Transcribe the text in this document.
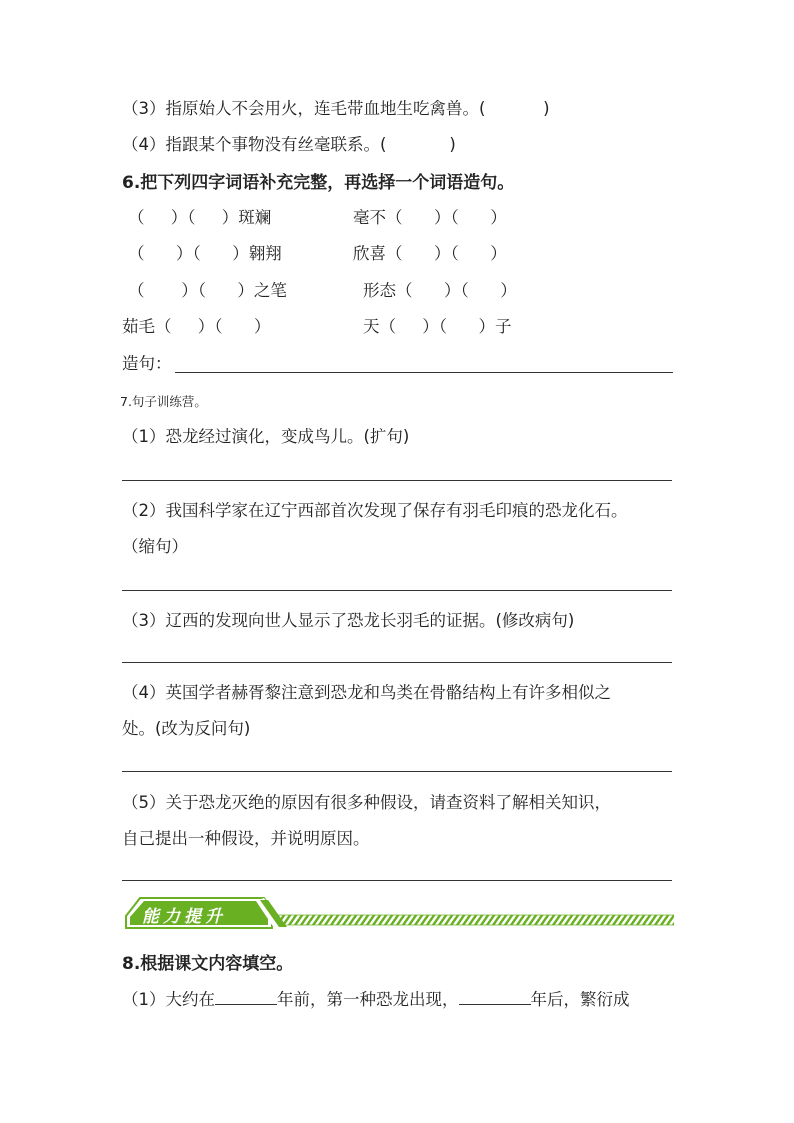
（3）指原始人不会用火，连毛带血地生吃禽兽。(           )
（4）指跟某个事物没有丝毫联系。(            )
6.把下列四字词语补充完整，再选择一个词语造句。
（     ）（     ）斑斓	毫不（      ）（      ）
（      ）（      ）翱翔	欣喜（      ）（      ）
（       ）（      ）之笔	形态（      ）（      ）
茹毛（     ）（      ）	天（     ）（      ）子
造句：
7.句子训练营。
（1）恐龙经过演化，变成鸟儿。(扩句)
（2）我国科学家在辽宁西部首次发现了保存有羽毛印痕的恐龙化石。
（缩句）
（3）辽西的发现向世人显示了恐龙长羽毛的证据。(修改病句)
（4）英国学者赫胥黎注意到恐龙和鸟类在骨骼结构上有许多相似之
处。(改为反问句)
（5）关于恐龙灭绝的原因有很多种假设，请查资料了解相关知识，
自己提出一种假设，并说明原因。
能力提升
8.根据课文内容填空。
（1）大约在	年前，第一种恐龙出现，	年后，繁衍成
